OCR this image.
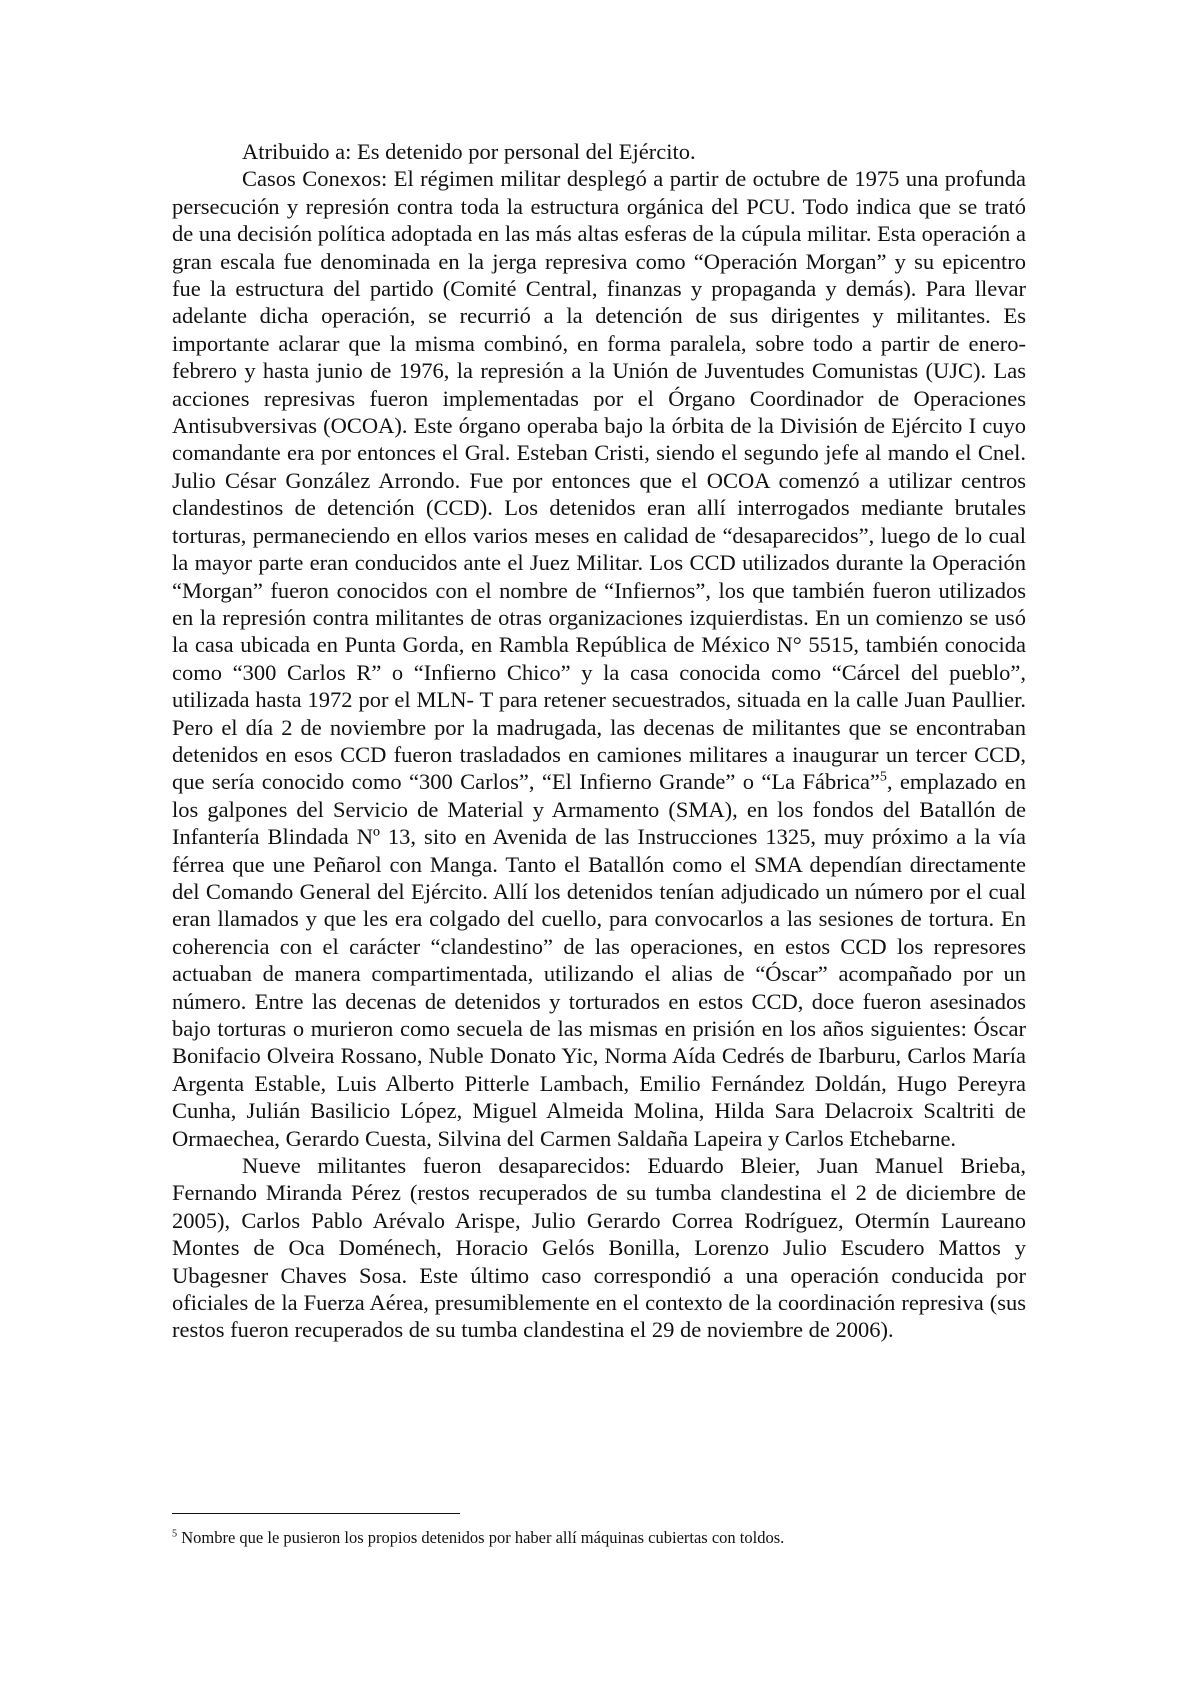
Atribuido a: Es detenido por personal del Ejército.

Casos Conexos: El régimen militar desplegó a partir de octubre de 1975 una profunda persecución y represión contra toda la estructura orgánica del PCU. Todo indica que se trató de una decisión política adoptada en las más altas esferas de la cúpula militar. Esta operación a gran escala fue denominada en la jerga represiva como “Operación Morgan” y su epicentro fue la estructura del partido (Comité Central, finanzas y propaganda y demás). Para llevar adelante dicha operación, se recurrió a la detención de sus dirigentes y militantes. Es importante aclarar que la misma combinó, en forma paralela, sobre todo a partir de enero-febrero y hasta junio de 1976, la represión a la Unión de Juventudes Comunistas (UJC). Las acciones represivas fueron implementadas por el Órgano Coordinador de Operaciones Antisubversivas (OCOA). Este órgano operaba bajo la órbita de la División de Ejército I cuyo comandante era por entonces el Gral. Esteban Cristi, siendo el segundo jefe al mando el Cnel. Julio César González Arrondo. Fue por entonces que el OCOA comenzó a utilizar centros clandestinos de detención (CCD). Los detenidos eran allí interrogados mediante brutales torturas, permaneciendo en ellos varios meses en calidad de “desaparecidos”, luego de lo cual la mayor parte eran conducidos ante el Juez Militar. Los CCD utilizados durante la Operación “Morgan” fueron conocidos con el nombre de “Infiernos”, los que también fueron utilizados en la represión contra militantes de otras organizaciones izquierdistas. En un comienzo se usó la casa ubicada en Punta Gorda, en Rambla República de México N° 5515, también conocida como “300 Carlos R” o “Infierno Chico” y la casa conocida como “Cárcel del pueblo”, utilizada hasta 1972 por el MLN- T para retener secuestrados, situada en la calle Juan Paullier. Pero el día 2 de noviembre por la madrugada, las decenas de militantes que se encontraban detenidos en esos CCD fueron trasladados en camiones militares a inaugurar un tercer CCD, que sería conocido como “300 Carlos”, “El Infierno Grande” o “La Fábrica”$^5$, emplazado en los galpones del Servicio de Material y Armamento (SMA), en los fondos del Batallón de Infantería Blindada Nº 13, sito en Avenida de las Instrucciones 1325, muy próximo a la vía férrea que une Peñarol con Manga. Tanto el Batallón como el SMA dependían directamente del Comando General del Ejército. Allí los detenidos tenían adjudicado un número por el cual eran llamados y que les era colgado del cuello, para convocarlos a las sesiones de tortura. En coherencia con el carácter “clandestino” de las operaciones, en estos CCD los represores actuaban de manera compartimentada, utilizando el alias de “Óscar” acompañado por un número. Entre las decenas de detenidos y torturados en estos CCD, doce fueron asesinados bajo torturas o murieron como secuela de las mismas en prisión en los años siguientes: Óscar Bonifacio Olveira Rossano, Nuble Donato Yic, Norma Aída Cedrés de Ibarburu, Carlos María Argenta Estable, Luis Alberto Pitterle Lambach, Emilio Fernández Doldán, Hugo Pereyra Cunha, Julián Basilicio López, Miguel Almeida Molina, Hilda Sara Delacroix Scaltriti de Ormaechea, Gerardo Cuesta, Silvina del Carmen Saldaña Lapeira y Carlos Etchebarne.

Nueve militantes fueron desaparecidos: Eduardo Bleier, Juan Manuel Brieba, Fernando Miranda Pérez (restos recuperados de su tumba clandestina el 2 de diciembre de 2005), Carlos Pablo Arévalo Arispe, Julio Gerardo Correa Rodríguez, Otermín Laureano Montes de Oca Doménech, Horacio Gelós Bonilla, Lorenzo Julio Escudero Mattos y Ubagesner Chaves Sosa. Este último caso correspondió a una operación conducida por oficiales de la Fuerza Aérea, presumiblemente en el contexto de la coordinación represiva (sus restos fueron recuperados de su tumba clandestina el 29 de noviembre de 2006).

$^5$ Nombre que le pusieron los propios detenidos por haber allí máquinas cubiertas con toldos.
